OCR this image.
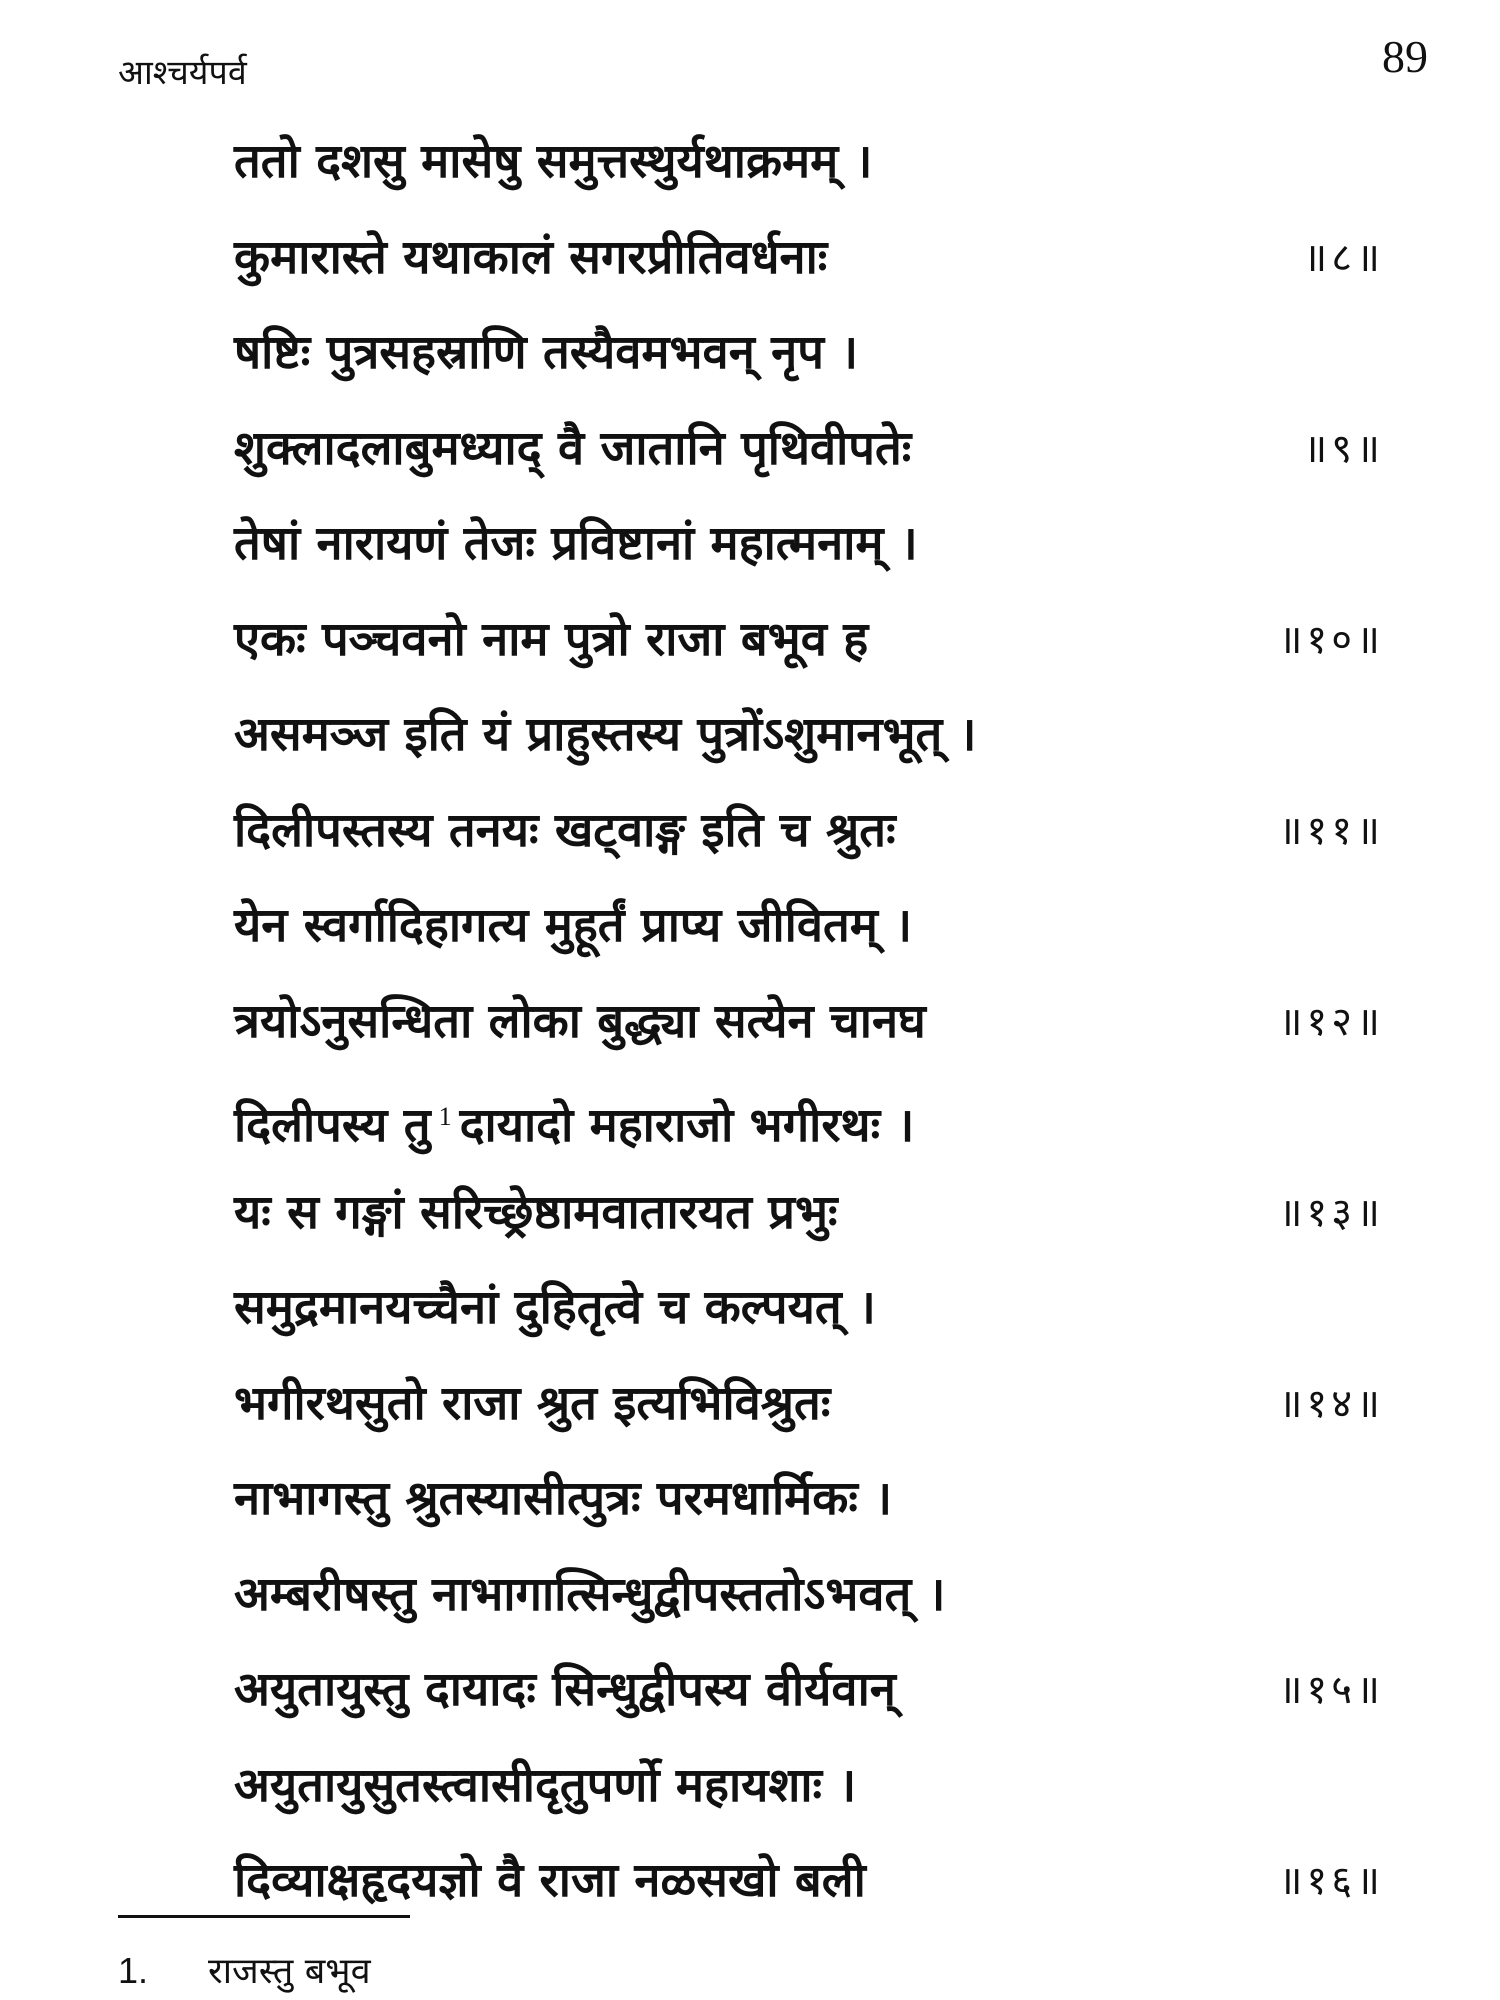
आश्चर्यपर्व	89
ततो दशसु मासेषु समुत्तस्थुर्यथाक्रमम् ।
कुमारास्ते यथाकालं सगरप्रीतिवर्धनाः	॥८॥
षष्टिः पुत्रसहस्राणि तस्यैवमभवन् नृप ।
शुक्लादलाबुमध्याद् वै जातानि पृथिवीपतेः	॥९॥
तेषां नारायणं तेजः प्रविष्टानां महात्मनाम् ।
एकः पञ्चवनो नाम पुत्रो राजा बभूव ह	॥१०॥
असमञ्ज इति यं प्राहुस्तस्य पुत्रोंऽशुमानभूत् ।
दिलीपस्तस्य तनयः खट्वाङ्ग इति च श्रुतः	॥११॥
येन स्वर्गादिहागत्य मुहूर्तं प्राप्य जीवितम् ।
त्रयोऽनुसन्धिता लोका बुद्ध्या सत्येन चानघ	॥१२॥
दिलीपस्य तु $^1$ दायादो महाराजो भगीरथः ।
यः स गङ्गां सरिच्छ्रेष्ठामवातारयत प्रभुः	॥१३॥
समुद्रमानयच्चैनां दुहितृत्वे च कल्पयत् ।
भगीरथसुतो राजा श्रुत इत्यभिविश्रुतः	॥१४॥
नाभागस्तु श्रुतस्यासीत्पुत्रः परमधार्मिकः ।
अम्बरीषस्तु नाभागात्सिन्धुद्वीपस्ततोऽभवत् ।
अयुतायुस्तु दायादः सिन्धुद्वीपस्य वीर्यवान्	॥१५॥
अयुतायुसुतस्त्वासीदृतुपर्णो महायशाः ।
दिव्याक्षहृदयज्ञो वै राजा नळसखो बली	॥१६॥
1. राजस्तु बभूव
